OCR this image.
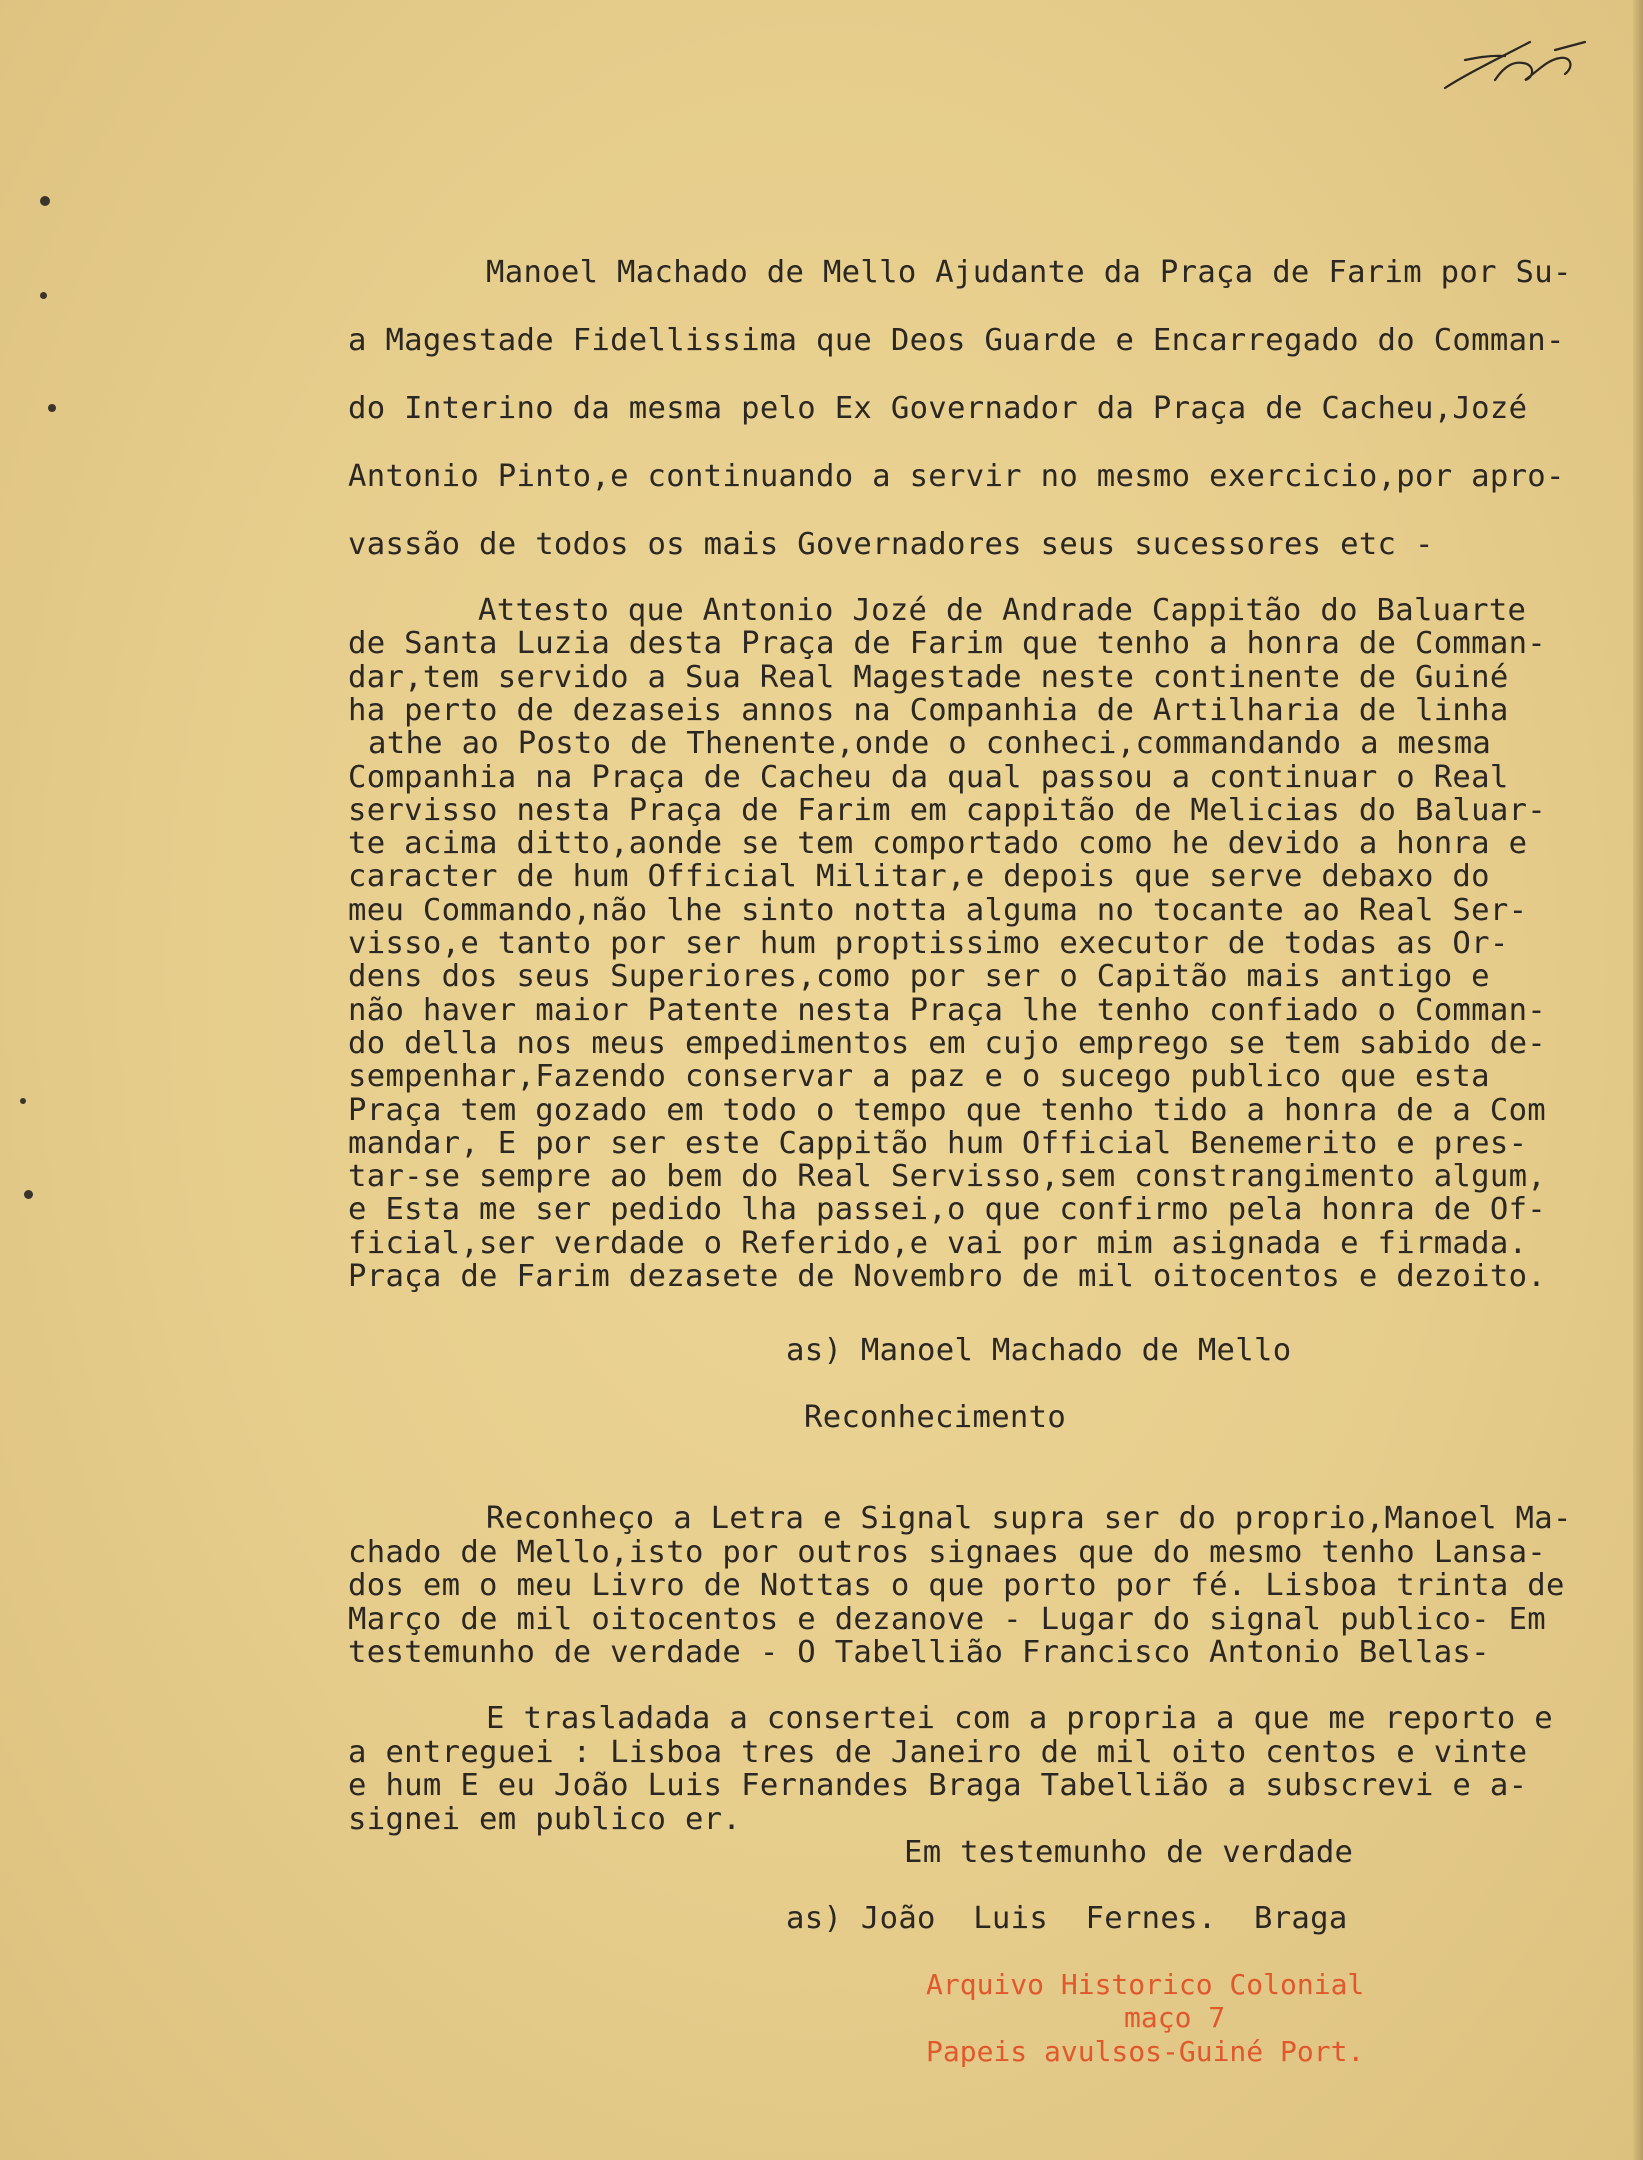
Manoel Machado de Mello Ajudante da Praça de Farim por Su-
a Magestade Fidellissima que Deos Guarde e Encarregado do Comman-
do Interino da mesma pelo Ex Governador da Praça de Cacheu,Jozé
Antonio Pinto,e continuando a servir no mesmo exercicio,por apro-
vassão de todos os mais Governadores seus sucessores etc -
Attesto que Antonio Jozé de Andrade Cappitão do Baluarte
de Santa Luzia desta Praça de Farim que tenho a honra de Comman-
dar,tem servido a Sua Real Magestade neste continente de Guiné
ha perto de dezaseis annos na Companhia de Artilharia de linha
athe ao Posto de Thenente,onde o conheci,commandando a mesma
Companhia na Praça de Cacheu da qual passou a continuar o Real
servisso nesta Praça de Farim em cappitão de Melicias do Baluar-
te acima ditto,aonde se tem comportado como he devido a honra e
caracter de hum Official Militar,e depois que serve debaxo do
meu Commando,não lhe sinto notta alguma no tocante ao Real Ser-
visso,e tanto por ser hum proptissimo executor de todas as Or-
dens dos seus Superiores,como por ser o Capitão mais antigo e
não haver maior Patente nesta Praça lhe tenho confiado o Comman-
do della nos meus empedimentos em cujo emprego se tem sabido de-
sempenhar,Fazendo conservar a paz e o sucego publico que esta
Praça tem gozado em todo o tempo que tenho tido a honra de a Com
mandar, E por ser este Cappitão hum Official Benemerito e pres-
tar-se sempre ao bem do Real Servisso,sem constrangimento algum,
e Esta me ser pedido lha passei,o que confirmo pela honra de Of-
ficial,ser verdade o Referido,e vai por mim asignada e firmada.
Praça de Farim dezasete de Novembro de mil oitocentos e dezoito.
as) Manoel Machado de Mello
Reconhecimento
Reconheço a Letra e Signal supra ser do proprio,Manoel Ma-
chado de Mello,isto por outros signaes que do mesmo tenho Lansa-
dos em o meu Livro de Nottas o que porto por fé. Lisboa trinta de
Março de mil oitocentos e dezanove - Lugar do signal publico- Em
testemunho de verdade - O Tabellião Francisco Antonio Bellas-
E trasladada a consertei com a propria a que me reporto e
a entreguei : Lisboa tres de Janeiro de mil oito centos e vinte
e hum E eu João Luis Fernandes Braga Tabellião a subscrevi e a-
signei em publico er.
Em testemunho de verdade
as) João  Luis  Fernes.  Braga
Arquivo Historico Colonial
maço 7
Papeis avulsos-Guiné Port.
